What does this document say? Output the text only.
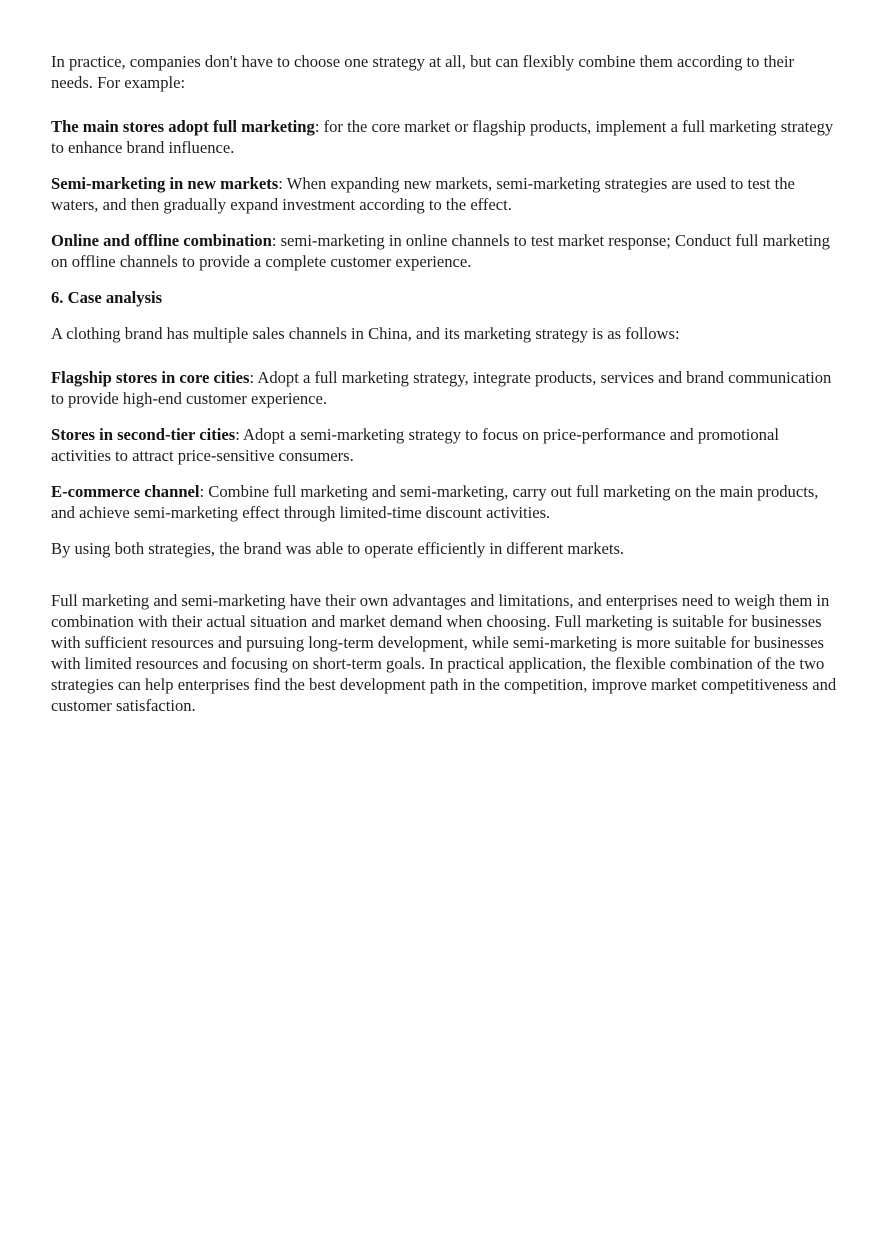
In practice, companies don't have to choose one strategy at all, but can flexibly combine them according to their needs. For example:

The main stores adopt full marketing: for the core market or flagship products, implement a full marketing strategy to enhance brand influence.

Semi-marketing in new markets: When expanding new markets, semi-marketing strategies are used to test the waters, and then gradually expand investment according to the effect.

Online and offline combination: semi-marketing in online channels to test market response; Conduct full marketing on offline channels to provide a complete customer experience.

6. Case analysis

A clothing brand has multiple sales channels in China, and its marketing strategy is as follows:

Flagship stores in core cities: Adopt a full marketing strategy, integrate products, services and brand communication to provide high-end customer experience.

Stores in second-tier cities: Adopt a semi-marketing strategy to focus on price-performance and promotional activities to attract price-sensitive consumers.

E-commerce channel: Combine full marketing and semi-marketing, carry out full marketing on the main products, and achieve semi-marketing effect through limited-time discount activities.

By using both strategies, the brand was able to operate efficiently in different markets.

Full marketing and semi-marketing have their own advantages and limitations, and enterprises need to weigh them in combination with their actual situation and market demand when choosing. Full marketing is suitable for businesses with sufficient resources and pursuing long-term development, while semi-marketing is more suitable for businesses with limited resources and focusing on short-term goals. In practical application, the flexible combination of the two strategies can help enterprises find the best development path in the competition, improve market competitiveness and customer satisfaction.
